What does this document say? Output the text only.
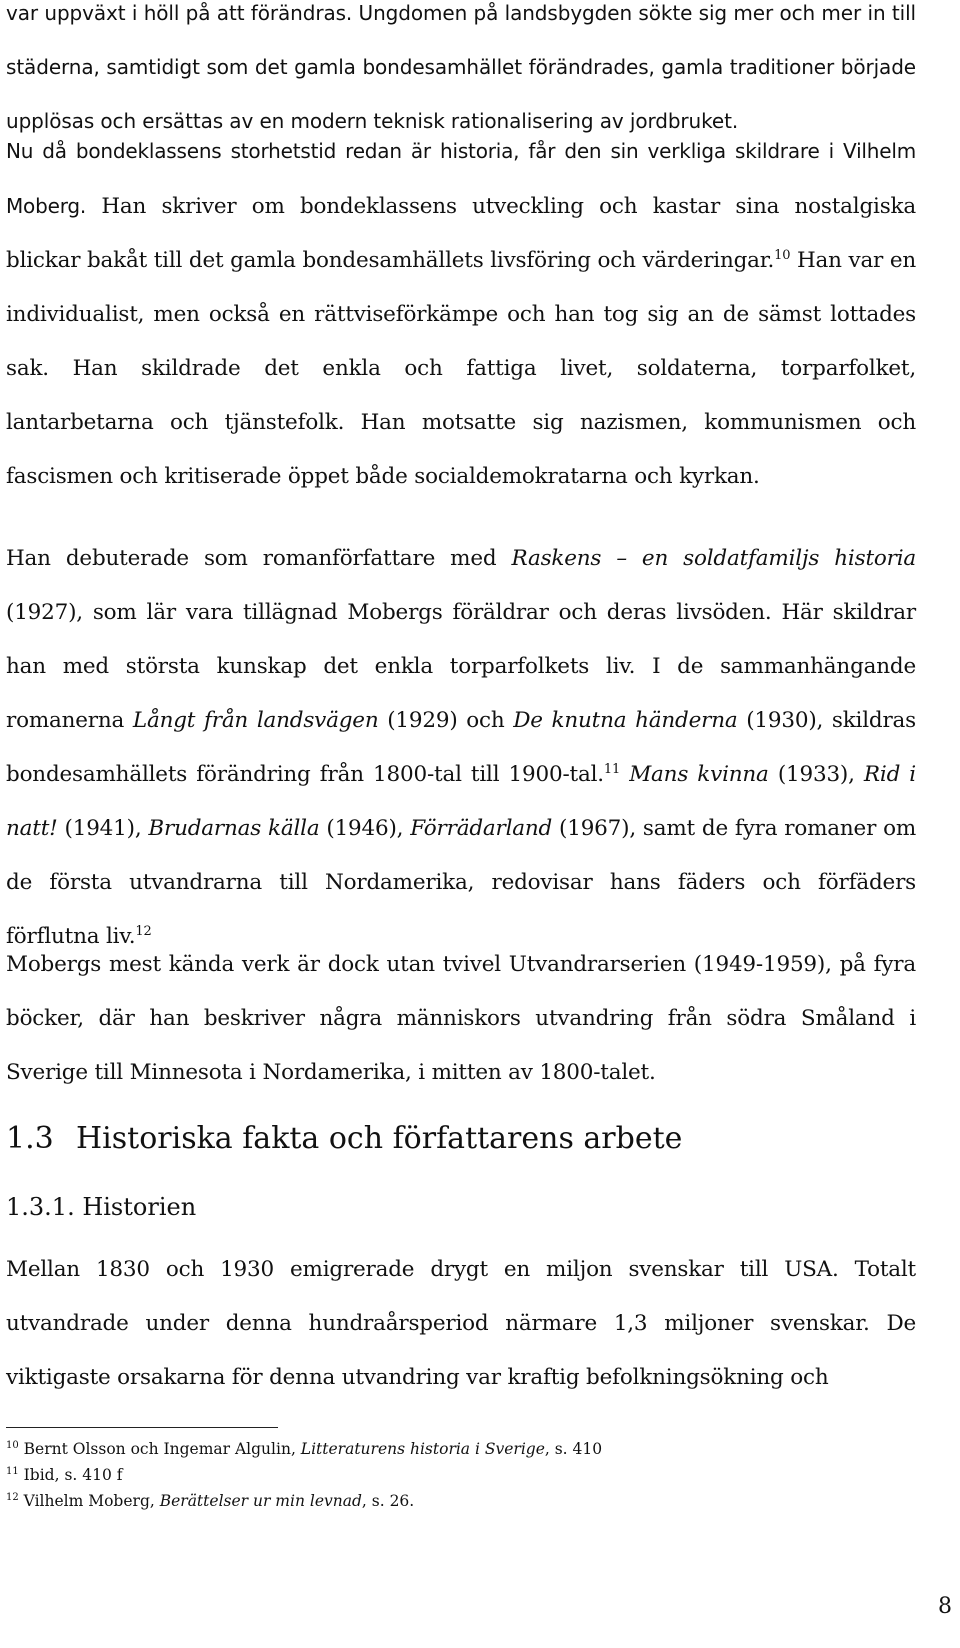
var uppväxt i höll på att förändras. Ungdomen på landsbygden sökte sig mer och mer in till städerna, samtidigt som det gamla bondesamhället förändrades, gamla traditioner började upplösas och ersättas av en modern teknisk rationalisering av jordbruket.

Nu då bondeklassens storhetstid redan är historia, får den sin verkliga skildrare i Vilhelm Moberg. Han skriver om bondeklassens utveckling och kastar sina nostalgiska blickar bakåt till det gamla bondesamhällets livsföring och värderingar.$^{10}$ Han var en individualist, men också en rättviseförkämpe och han tog sig an de sämst lottades sak. Han skildrade det enkla och fattiga livet, soldaterna, torparfolket, lantarbetarna och tjänstefolk. Han motsatte sig nazismen, kommunismen och fascismen och kritiserade öppet både socialdemokratarna och kyrkan.

Han debuterade som romanförfattare med Raskens – en soldatfamiljs historia (1927), som lär vara tillägnad Mobergs föräldrar och deras livsöden. Här skildrar han med största kunskap det enkla torparfolkets liv. I de sammanhängande romanerna Långt från landsvägen (1929) och De knutna händerna (1930), skildras bondesamhällets förändring från 1800-tal till 1900-tal.$^{11}$ Mans kvinna (1933), Rid i natt! (1941), Brudarnas källa (1946), Förrädarland (1967), samt de fyra romaner om de första utvandrarna till Nordamerika, redovisar hans fäders och förfäders förflutna liv.$^{12}$

Mobergs mest kända verk är dock utan tvivel Utvandrarserien (1949-1959), på fyra böcker, där han beskriver några människors utvandring från södra Småland i Sverige till Minnesota i Nordamerika, i mitten av 1800-talet.

1.3 Historiska fakta och författarens arbete
1.3.1. Historien

Mellan 1830 och 1930 emigrerade drygt en miljon svenskar till USA. Totalt utvandrade under denna hundraårsperiod närmare 1,3 miljoner svenskar. De viktigaste orsakarna för denna utvandring var kraftig befolkningsökning och

$^{10}$ Bernt Olsson och Ingemar Algulin, Litteraturens historia i Sverige, s. 410

$^{11}$ Ibid, s. 410 f

$^{12}$ Vilhelm Moberg, Berättelser ur min levnad, s. 26.

8
